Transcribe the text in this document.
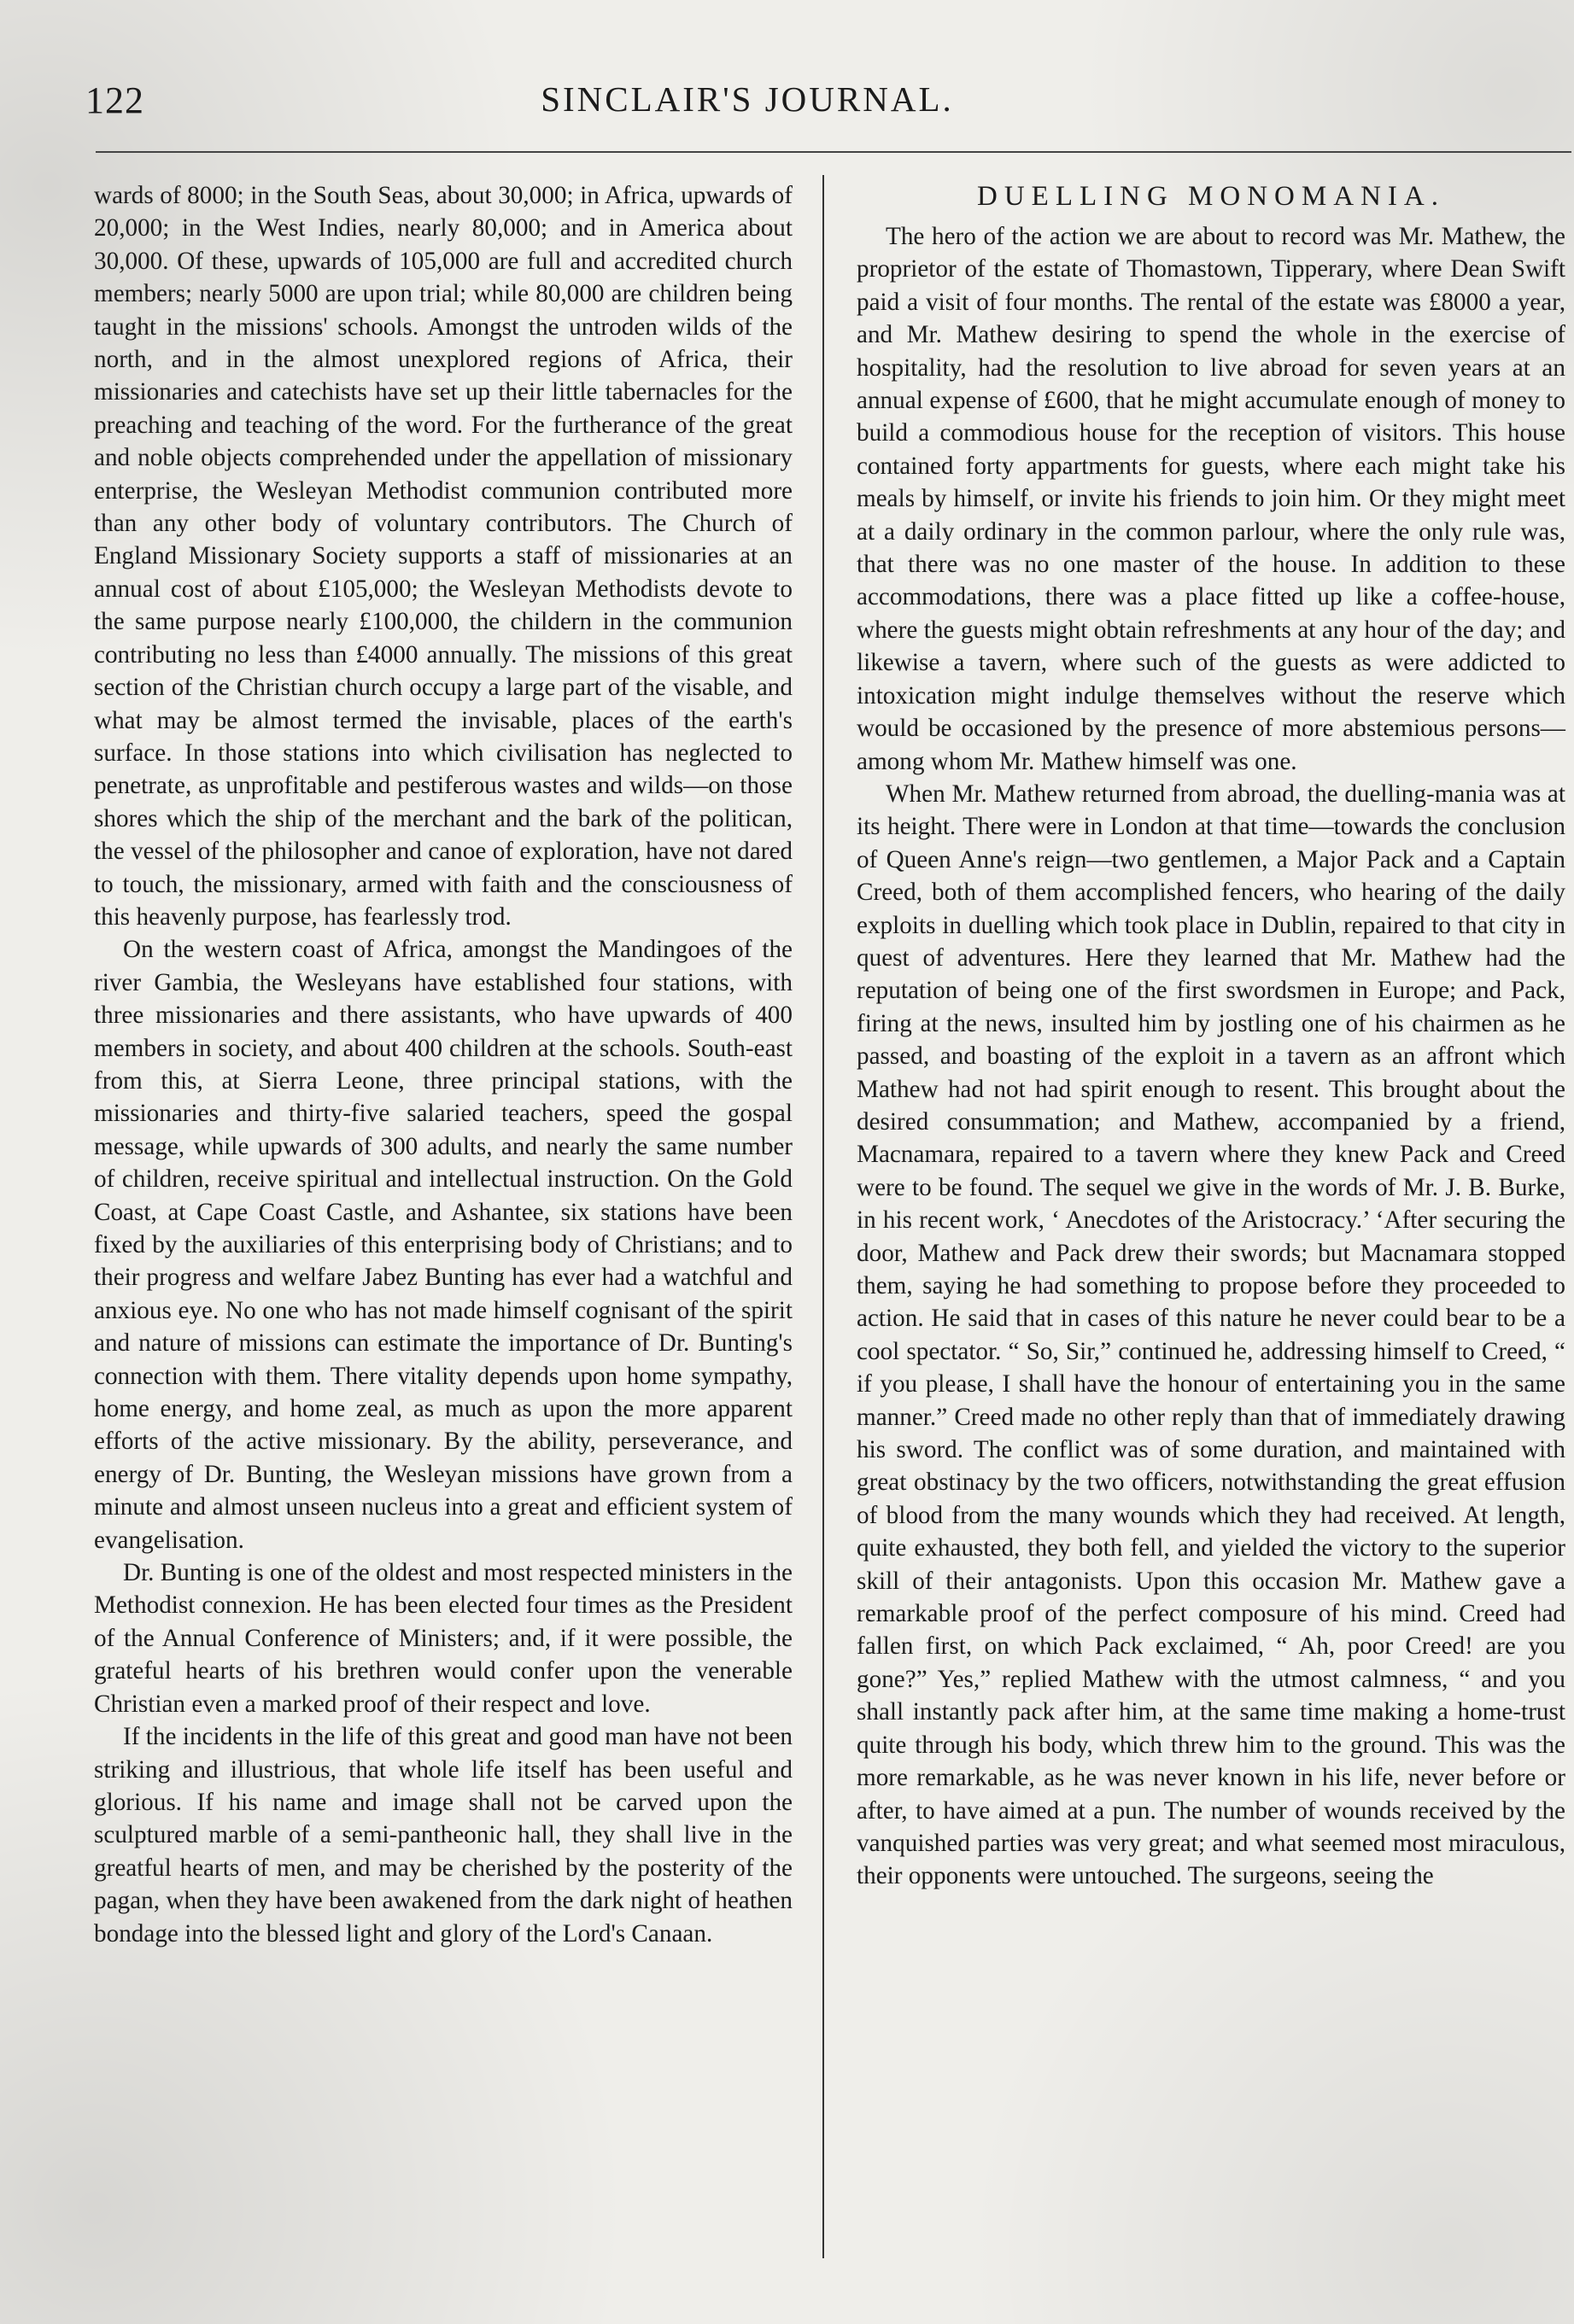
122	SINCLAIR'S JOURNAL.

wards of 8000; in the South Seas, about 30,000; in Africa, upwards of 20,000; in the West Indies, nearly 80,000; and in America about 30,000. Of these, upwards of 105,000 are full and accredited church members; nearly 5000 are upon trial; while 80,000 are children being taught in the missions' schools. Amongst the untroden wilds of the north, and in the almost unexplored regions of Africa, their missionaries and catechists have set up their little tabernacles for the preaching and teaching of the word. For the furtherance of the great and noble objects comprehended under the appellation of missionary enterprise, the Wesleyan Methodist communion contributed more than any other body of voluntary contributors. The Church of England Missionary Society supports a staff of missionaries at an annual cost of about £105,000; the Wesleyan Methodists devote to the same purpose nearly £100,000, the childern in the communion contributing no less than £4000 annually. The missions of this great section of the Christian church occupy a large part of the visable, and what may be almost termed the invisable, places of the earth's surface. In those stations into which civilisation has neglected to penetrate, as unprofitable and pestiferous wastes and wilds—on those shores which the ship of the merchant and the bark of the politican, the vessel of the philosopher and canoe of exploration, have not dared to touch, the missionary, armed with faith and the consciousness of this heavenly purpose, has fearlessly trod.

On the western coast of Africa, amongst the Mandingoes of the river Gambia, the Wesleyans have established four stations, with three missionaries and there assistants, who have upwards of 400 members in society, and about 400 children at the schools. South-east from this, at Sierra Leone, three principal stations, with the missionaries and thirty-five salaried teachers, speed the gospal message, while upwards of 300 adults, and nearly the same number of children, receive spiritual and intellectual instruction. On the Gold Coast, at Cape Coast Castle, and Ashantee, six stations have been fixed by the auxiliaries of this enterprising body of Christians; and to their progress and welfare Jabez Bunting has ever had a watchful and anxious eye. No one who has not made himself cognisant of the spirit and nature of missions can estimate the importance of Dr. Bunting's connection with them. There vitality depends upon home sympathy, home energy, and home zeal, as much as upon the more apparent efforts of the active missionary. By the ability, perseverance, and energy of Dr. Bunting, the Wesleyan missions have grown from a minute and almost unseen nucleus into a great and efficient system of evangelisation.

Dr. Bunting is one of the oldest and most respected ministers in the Methodist connexion. He has been elected four times as the President of the Annual Conference of Ministers; and, if it were possible, the grateful hearts of his brethren would confer upon the venerable Christian even a marked proof of their respect and love.

If the incidents in the life of this great and good man have not been striking and illustrious, that whole life itself has been useful and glorious. If his name and image shall not be carved upon the sculptured marble of a semi-pantheonic hall, they shall live in the greatful hearts of men, and may be cherished by the posterity of the pagan, when they have been awakened from the dark night of heathen bondage into the blessed light and glory of the Lord's Canaan.

DUELLING MONOMANIA.

The hero of the action we are about to record was Mr. Mathew, the proprietor of the estate of Thomastown, Tipperary, where Dean Swift paid a visit of four months. The rental of the estate was £8000 a year, and Mr. Mathew desiring to spend the whole in the exercise of hospitality, had the resolution to live abroad for seven years at an annual expense of £600, that he might accumulate enough of money to build a commodious house for the reception of visitors. This house contained forty appartments for guests, where each might take his meals by himself, or invite his friends to join him. Or they might meet at a daily ordinary in the common parlour, where the only rule was, that there was no one master of the house. In addition to these accommodations, there was a place fitted up like a coffee-house, where the guests might obtain refreshments at any hour of the day; and likewise a tavern, where such of the guests as were addicted to intoxication might indulge themselves without the reserve which would be occasioned by the presence of more abstemious persons—among whom Mr. Mathew himself was one.

When Mr. Mathew returned from abroad, the duelling-mania was at its height. There were in London at that time—towards the conclusion of Queen Anne's reign—two gentlemen, a Major Pack and a Captain Creed, both of them accomplished fencers, who hearing of the daily exploits in duelling which took place in Dublin, repaired to that city in quest of adventures. Here they learned that Mr. Mathew had the reputation of being one of the first swordsmen in Europe; and Pack, firing at the news, insulted him by jostling one of his chairmen as he passed, and boasting of the exploit in a tavern as an affront which Mathew had not had spirit enough to resent. This brought about the desired consummation; and Mathew, accompanied by a friend, Macnamara, repaired to a tavern where they knew Pack and Creed were to be found. The sequel we give in the words of Mr. J. B. Burke, in his recent work, ‘ Anecdotes of the Aristocracy.’ ‘After securing the door, Mathew and Pack drew their swords; but Macnamara stopped them, saying he had something to propose before they proceeded to action. He said that in cases of this nature he never could bear to be a cool spectator. “ So, Sir,” continued he, addressing himself to Creed, “ if you please, I shall have the honour of entertaining you in the same manner.” Creed made no other reply than that of immediately drawing his sword. The conflict was of some duration, and maintained with great obstinacy by the two officers, notwithstanding the great effusion of blood from the many wounds which they had received. At length, quite exhausted, they both fell, and yielded the victory to the superior skill of their antagonists. Upon this occasion Mr. Mathew gave a remarkable proof of the perfect composure of his mind. Creed had fallen first, on which Pack exclaimed, “ Ah, poor Creed! are you gone?” Yes,” replied Mathew with the utmost calmness, “ and you shall instantly pack after him, at the same time making a home-trust quite through his body, which threw him to the ground. This was the more remarkable, as he was never known in his life, never before or after, to have aimed at a pun. The number of wounds received by the vanquished parties was very great; and what seemed most miraculous, their opponents were untouched. The surgeons, seeing the
